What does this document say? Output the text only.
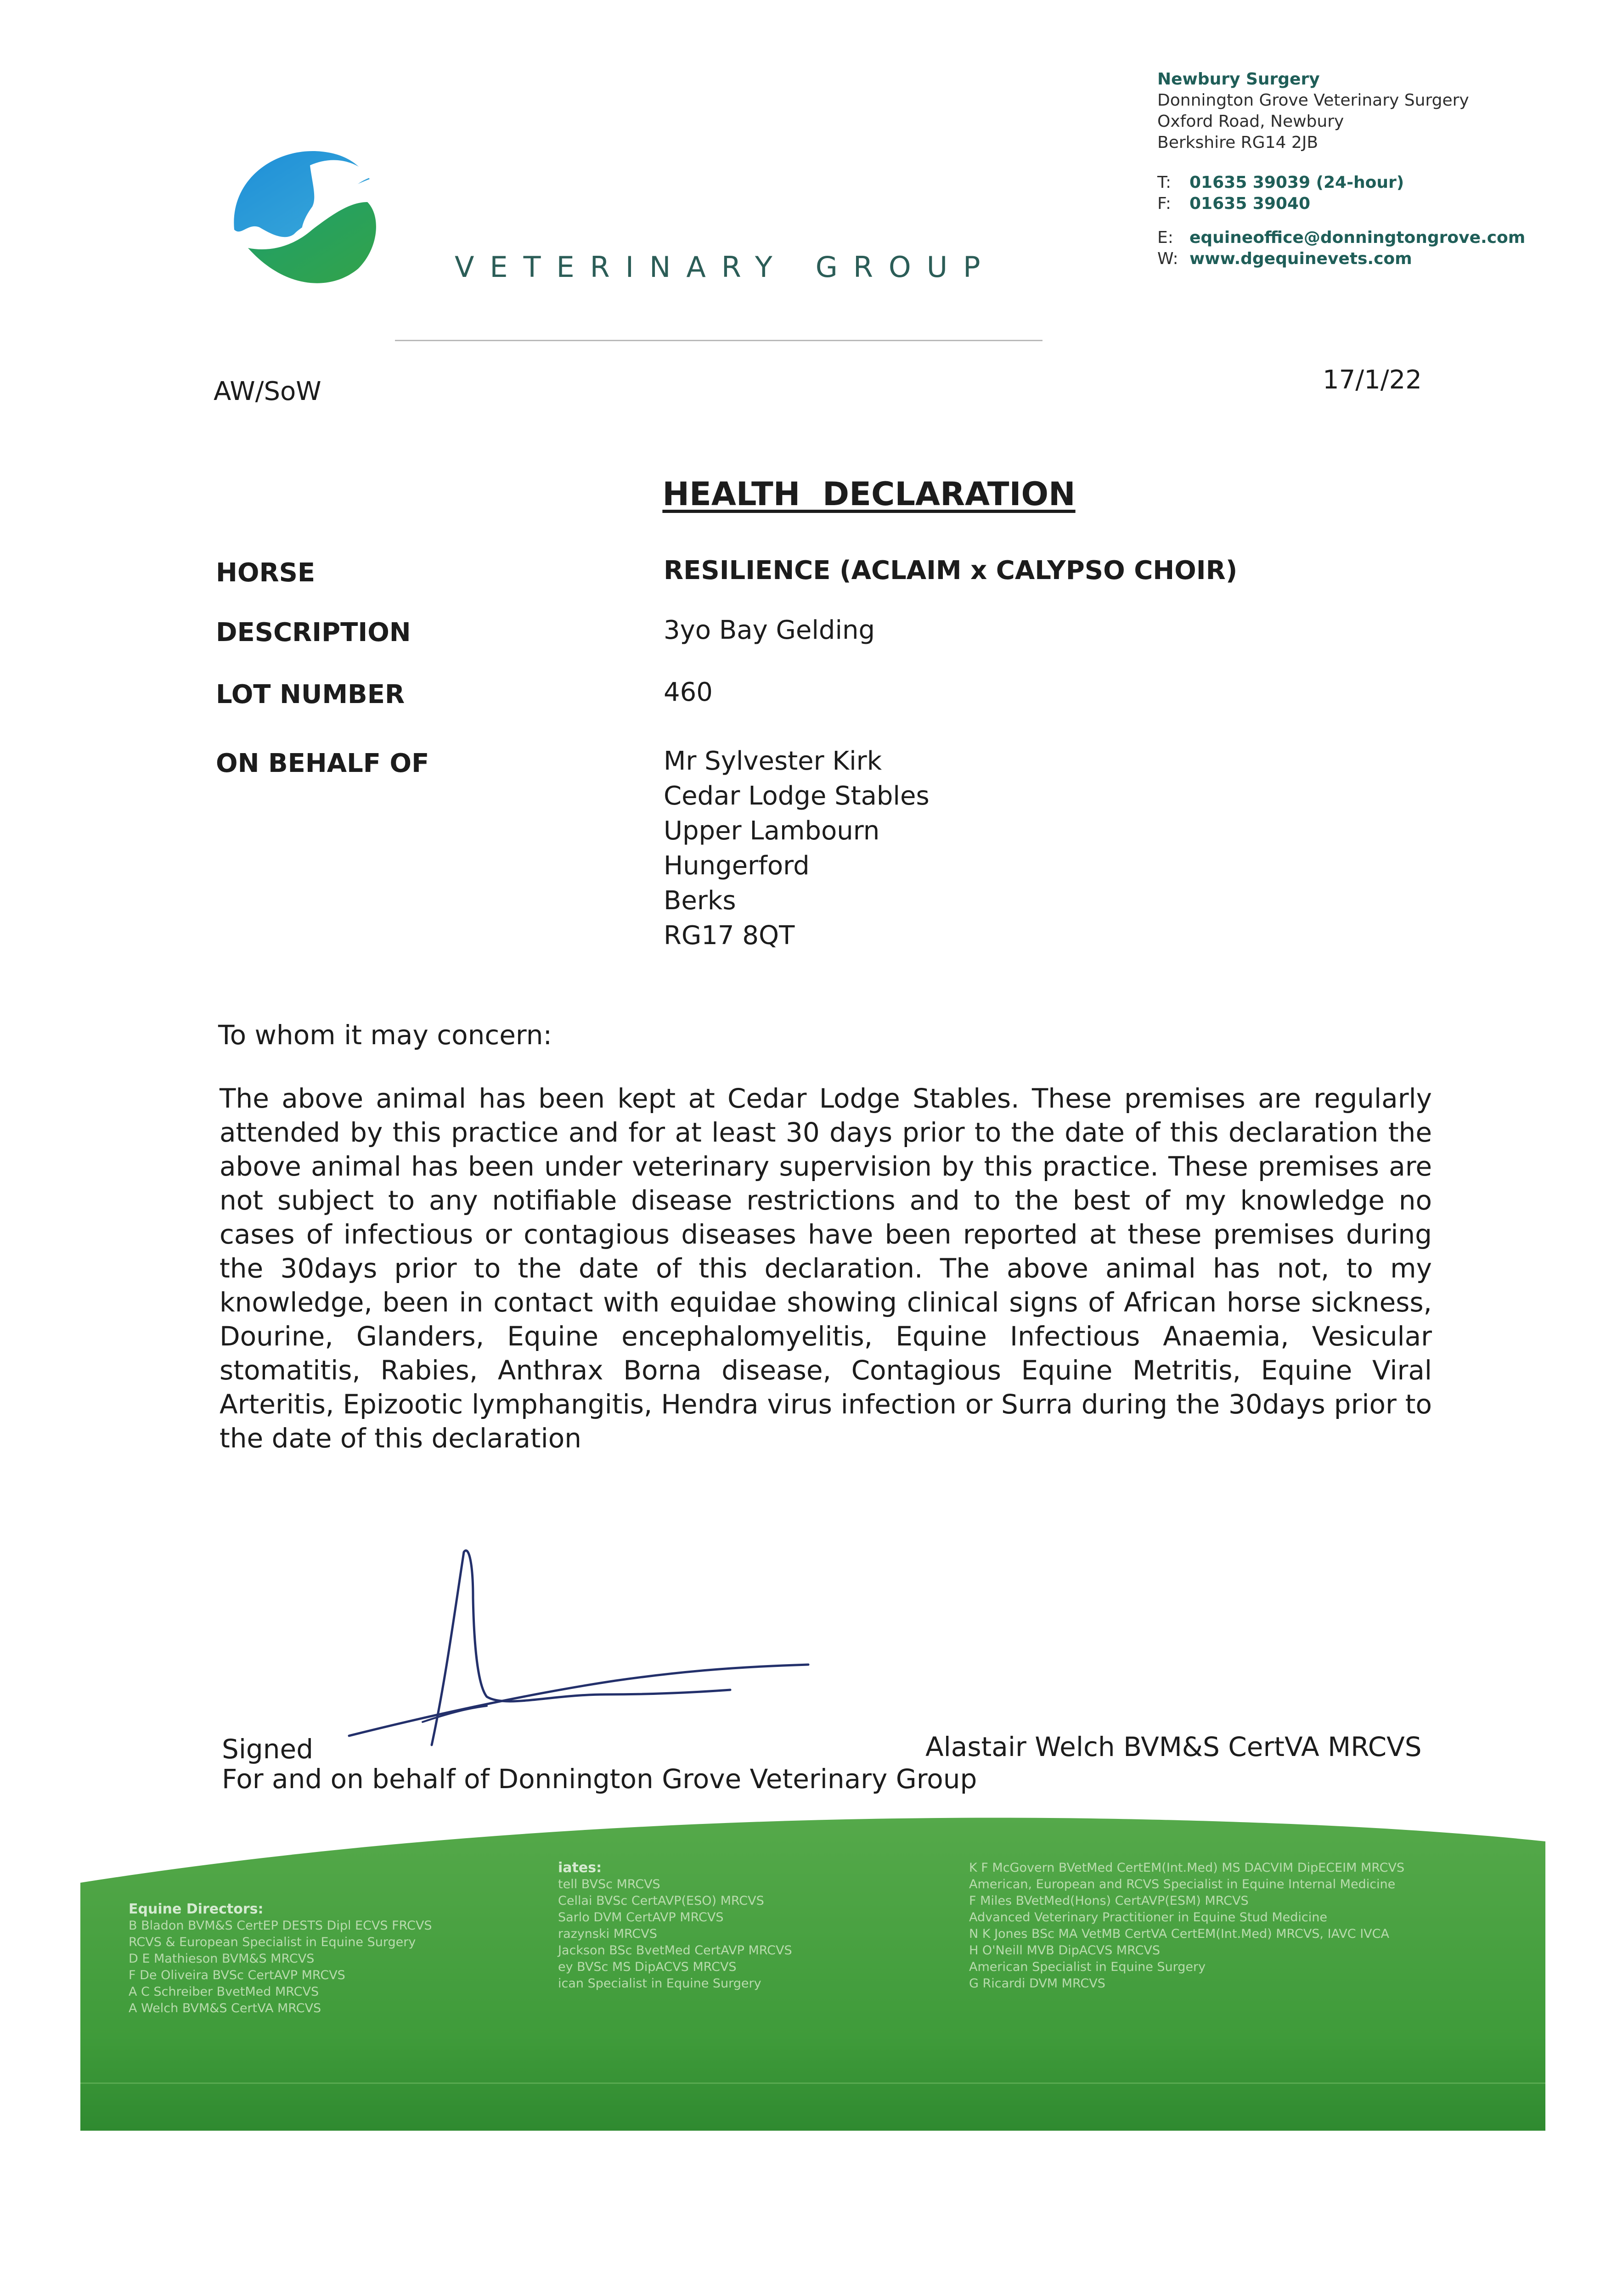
VETERINARY GROUP
Newbury Surgery
Donnington Grove Veterinary Surgery
Oxford Road, Newbury
Berkshire RG14 2JB
T: 01635 39039 (24-hour)
F: 01635 39040
E: equineoffice@donningtongrove.com
W: www.dgequinevets.com
AW/SoW	17/1/22
HEALTH  DECLARATION
HORSE	RESILIENCE (ACLAIM x CALYPSO CHOIR)
DESCRIPTION	3yo Bay Gelding
LOT NUMBER	460
ON BEHALF OF	Mr Sylvester Kirk
Cedar Lodge Stables
Upper Lambourn
Hungerford
Berks
RG17 8QT
To whom it may concern:
The above animal has been kept at Cedar Lodge Stables. These premises are regularly attended by this practice and for at least 30 days prior to the date of this declaration the above animal has been under veterinary supervision by this practice. These premises are not subject to any notifiable disease restrictions and to the best of my knowledge no cases of infectious or contagious diseases have been reported at these premises during the 30days prior to the date of this declaration. The above animal has not, to my knowledge, been in contact with equidae showing clinical signs of African horse sickness, Dourine, Glanders, Equine encephalomyelitis, Equine Infectious Anaemia, Vesicular stomatitis, Rabies, Anthrax Borna disease, Contagious Equine Metritis, Equine Viral Arteritis, Epizootic lymphangitis, Hendra virus infection or Surra during the 30days prior to the date of this declaration
Signed	Alastair Welch BVM&S CertVA MRCVS
For and on behalf of Donnington Grove Veterinary Group
Equine Directors:
B Bladon BVM&S CertEP DESTS Dipl ECVS FRCVS
RCVS & European Specialist in Equine Surgery
D E Mathieson BVM&S MRCVS
F De Oliveira BVSc CertAVP MRCVS
A C Schreiber BvetMed MRCVS
A Welch BVM&S CertVA MRCVS
iates:
tell BVSc MRCVS
Cellai BVSc CertAVP(ESO) MRCVS
Sarlo DVM CertAVP MRCVS
razynski MRCVS
Jackson BSc BvetMed CertAVP MRCVS
ey BVSc MS DipACVS MRCVS
ican Specialist in Equine Surgery
K F McGovern BVetMed CertEM(Int.Med) MS DACVIM DipECEIM MRCVS
American, European and RCVS Specialist in Equine Internal Medicine
F Miles BVetMed(Hons) CertAVP(ESM) MRCVS
Advanced Veterinary Practitioner in Equine Stud Medicine
N K Jones BSc MA VetMB CertVA CertEM(Int.Med) MRCVS, IAVC IVCA
H O'Neill MVB DipACVS MRCVS
American Specialist in Equine Surgery
G Ricardi DVM MRCVS
